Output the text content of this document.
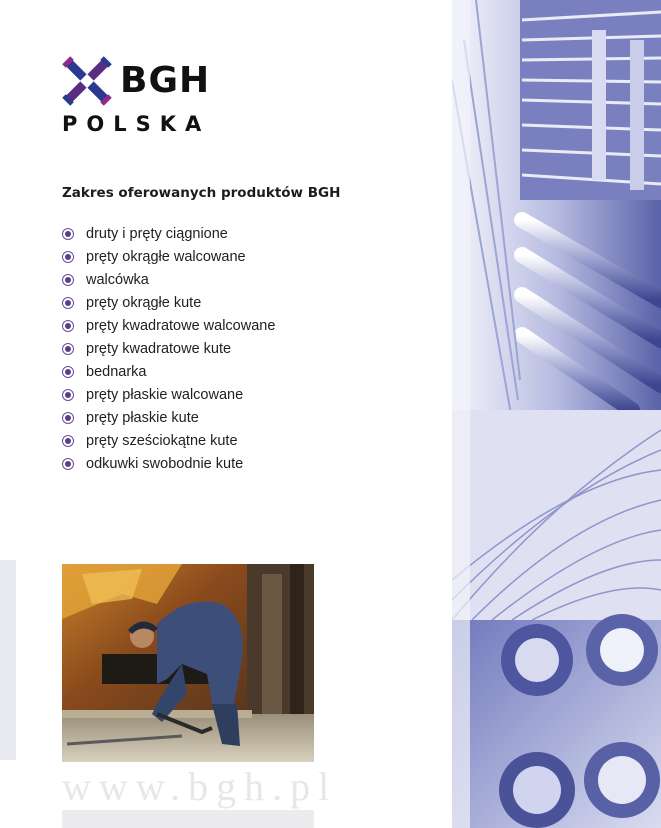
BGH
POLSKA
Zakres oferowanych produktów BGH
druty i pręty ciągnione
pręty okrągłe walcowane
walcówka
pręty okrągłe kute
pręty kwadratowe walcowane
pręty kwadratowe kute
bednarka
pręty płaskie walcowane
pręty płaskie kute
pręty sześciokątne kute
odkuwki swobodnie kute
www.bgh.pl
